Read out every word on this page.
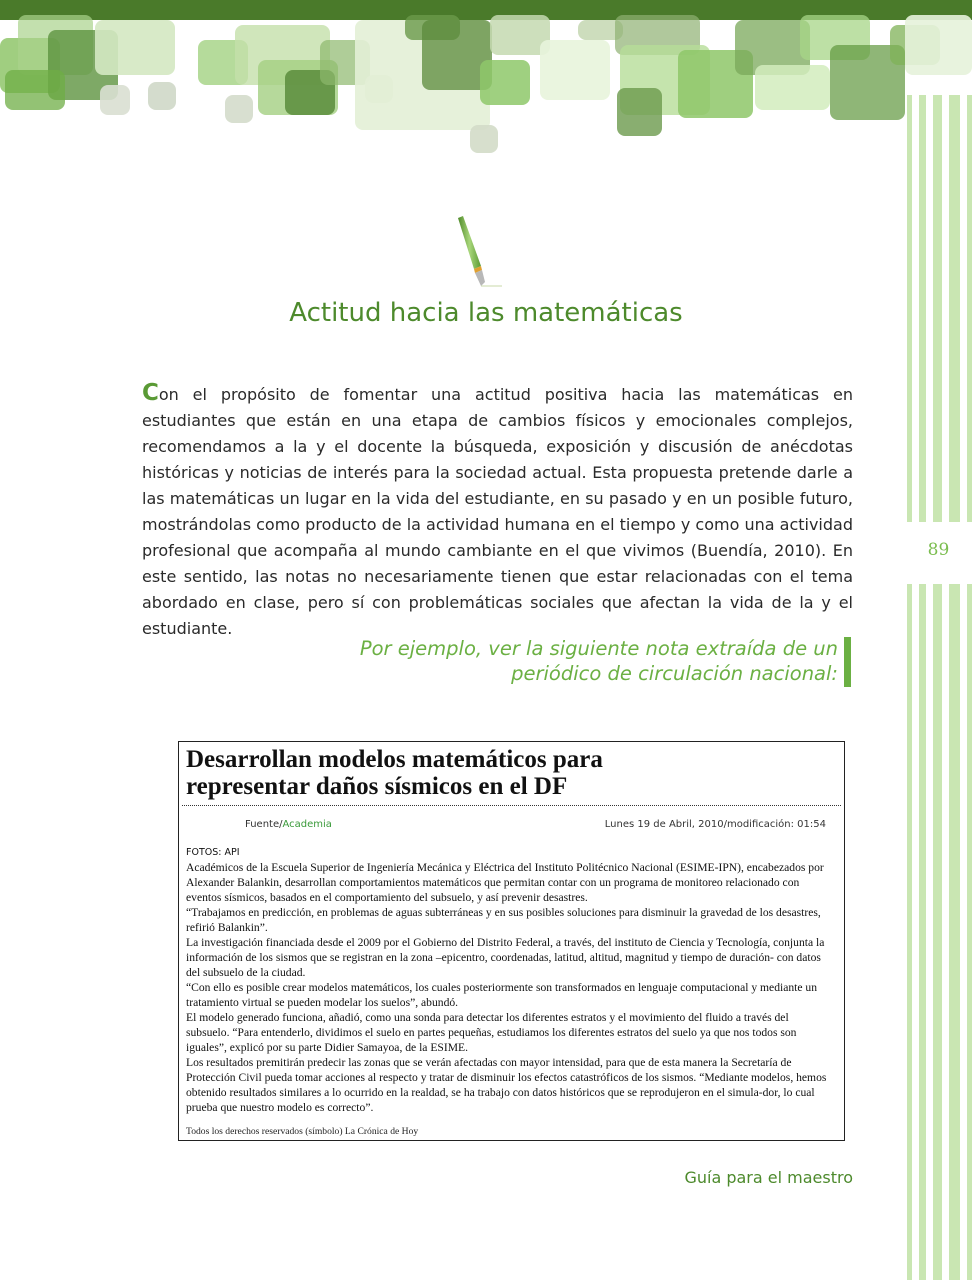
89
Actitud hacia las matemáticas

Con el propósito de fomentar una actitud positiva hacia las matemáticas en estudiantes que están en una etapa de cambios físicos y emocionales complejos, recomendamos a la y el docente la búsqueda, exposición y discusión de anécdotas históricas y noticias de interés para la sociedad actual. Esta propuesta pretende darle a las matemáticas un lugar en la vida del estudiante, en su pasado y en un posible futuro, mostrándolas como producto de la actividad humana en el tiempo y como una actividad profesional que acompaña al mundo cambiante en el que vivimos (Buendía, 2010). En este sentido, las notas no necesariamente tienen que estar relacionadas con el tema abordado en clase, pero sí con problemáticas sociales que afectan la vida de la y el estudiante.

Por ejemplo, ver la siguiente nota extraída de un
periódico de circulación nacional:
Desarrollan modelos matemáticos para
representar daños sísmicos en el DF
Fuente/Academia	Lunes 19 de Abril, 2010/modificación: 01:54

FOTOS: API

Académicos de la Escuela Superior de Ingeniería Mecánica y Eléctrica del Instituto Politécnico Nacional (ESIME-IPN), encabezados por Alexander Balankin, desarrollan comportamientos matemáticos que permitan contar con un programa de monitoreo relacionado con eventos sísmicos, basados en el comportamiento del subsuelo, y así prevenir desastres.

“Trabajamos en predicción, en problemas de aguas subterráneas y en sus posibles soluciones para disminuir la gravedad de los desastres, refirió Balankin”.

La investigación financiada desde el 2009 por el Gobierno del Distrito Federal, a través, del instituto de Ciencia y Tecnología, conjunta la información de los sismos que se registran en la zona –epicentro, coordenadas, latitud, altitud, magnitud y tiempo de duración- con datos del subsuelo de la ciudad.

“Con ello es posible crear modelos matemáticos, los cuales posteriormente son transformados en lenguaje computacional y mediante un tratamiento virtual se pueden modelar los suelos”, abundó.

El modelo generado funciona, añadió, como una sonda para detectar los diferentes estratos y el movimiento del fluido a través del subsuelo. “Para entenderlo, dividimos el suelo en partes pequeñas, estudiamos los diferentes estratos del suelo ya que nos todos son iguales”, explicó por su parte Didier Samayoa, de la ESIME.

Los resultados premitirán predecir las zonas que se verán afectadas con mayor intensidad, para que de esta manera la Secretaría de Protección Civil pueda tomar acciones al respecto y tratar de disminuir los efectos catastróficos de los sismos. “Mediante modelos, hemos obtenido resultados similares a lo ocurrido en la realdad, se ha trabajo con datos históricos que se reprodujeron en el simula-dor, lo cual prueba que nuestro modelo es correcto”.

Todos los derechos reservados (símbolo) La Crónica de Hoy
Guía para el maestro
